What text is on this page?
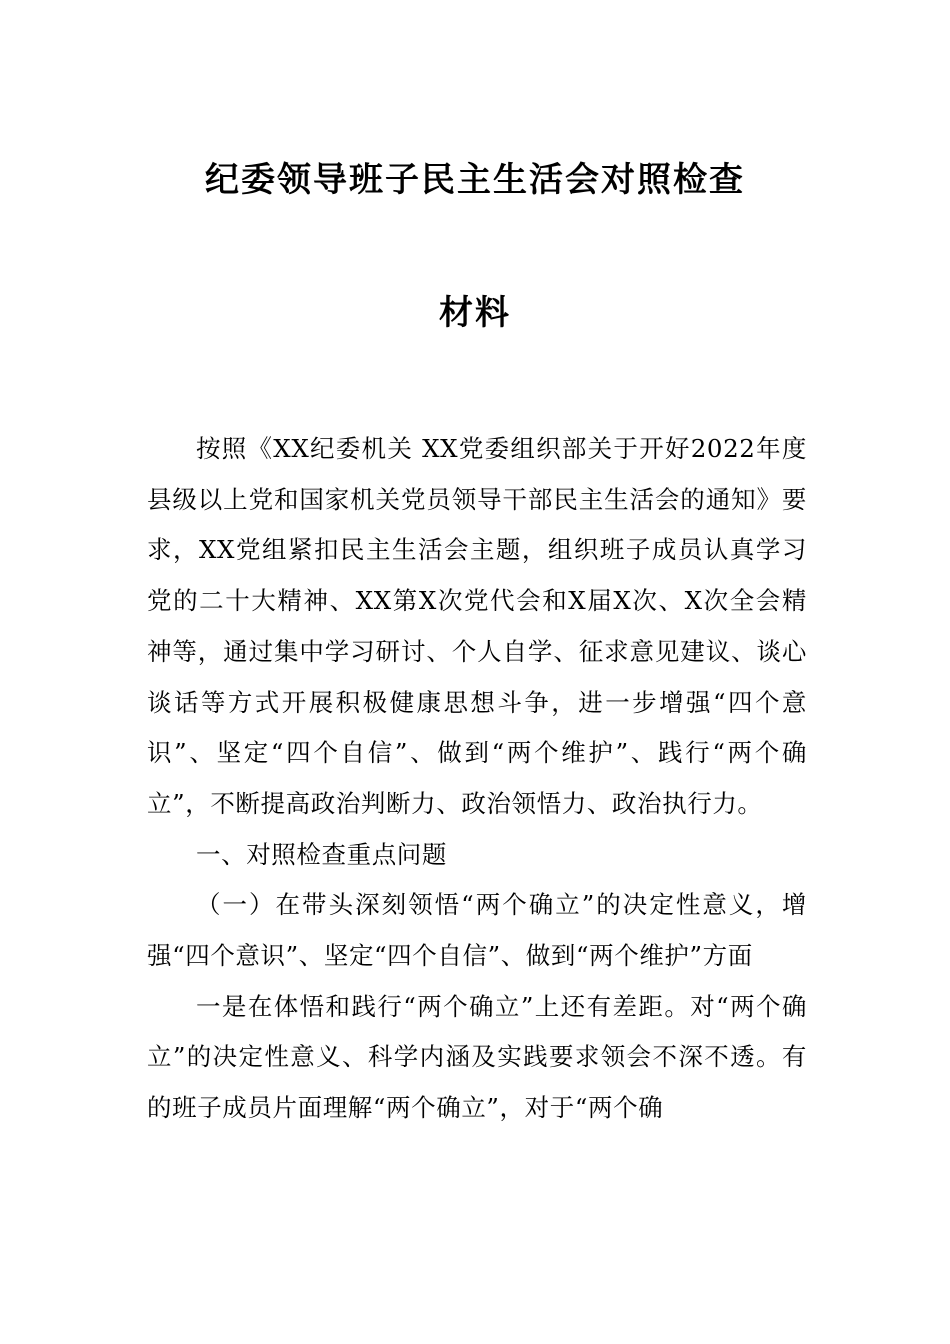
纪委领导班子民主生活会对照检查
材料

按照《XX纪委机关 XX党委组织部关于开好2022年度县级以上党和国家机关党员领导干部民主生活会的通知》要求，XX党组紧扣民主生活会主题，组织班子成员认真学习党的二十大精神、XX第X次党代会和X届X次、X次全会精神等，通过集中学习研讨、个人自学、征求意见建议、谈心谈话等方式开展积极健康思想斗争，进一步增强“四个意识”、坚定“四个自信”、做到“两个维护”、践行“两个确立”，不断提高政治判断力、政治领悟力、政治执行力。

一、对照检查重点问题

（一）在带头深刻领悟“两个确立”的决定性意义，增强“四个意识”、坚定“四个自信”、做到“两个维护”方面

一是在体悟和践行“两个确立”上还有差距。对“两个确立”的决定性意义、科学内涵及实践要求领会不深不透。有的班子成员片面理解“两个确立”，对于“两个确
